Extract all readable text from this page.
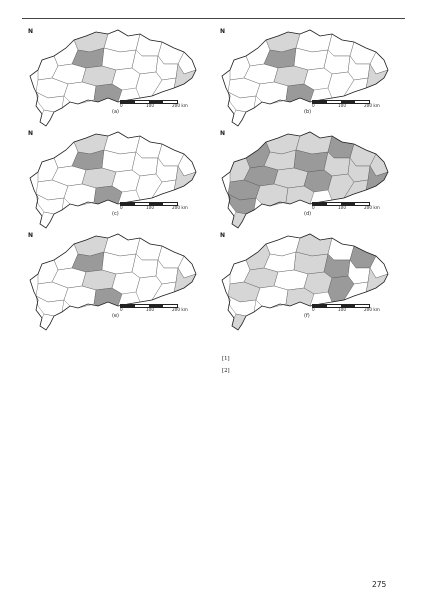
N
0	100	200 km
(a)
N
0	100	200 km
(b)
N
0	100	200 km
(c)
N
0	100	200 km
(d)
N
0	100	200 km
(e)
N
0	100	200 km
(f)

[1]
[2]
275
